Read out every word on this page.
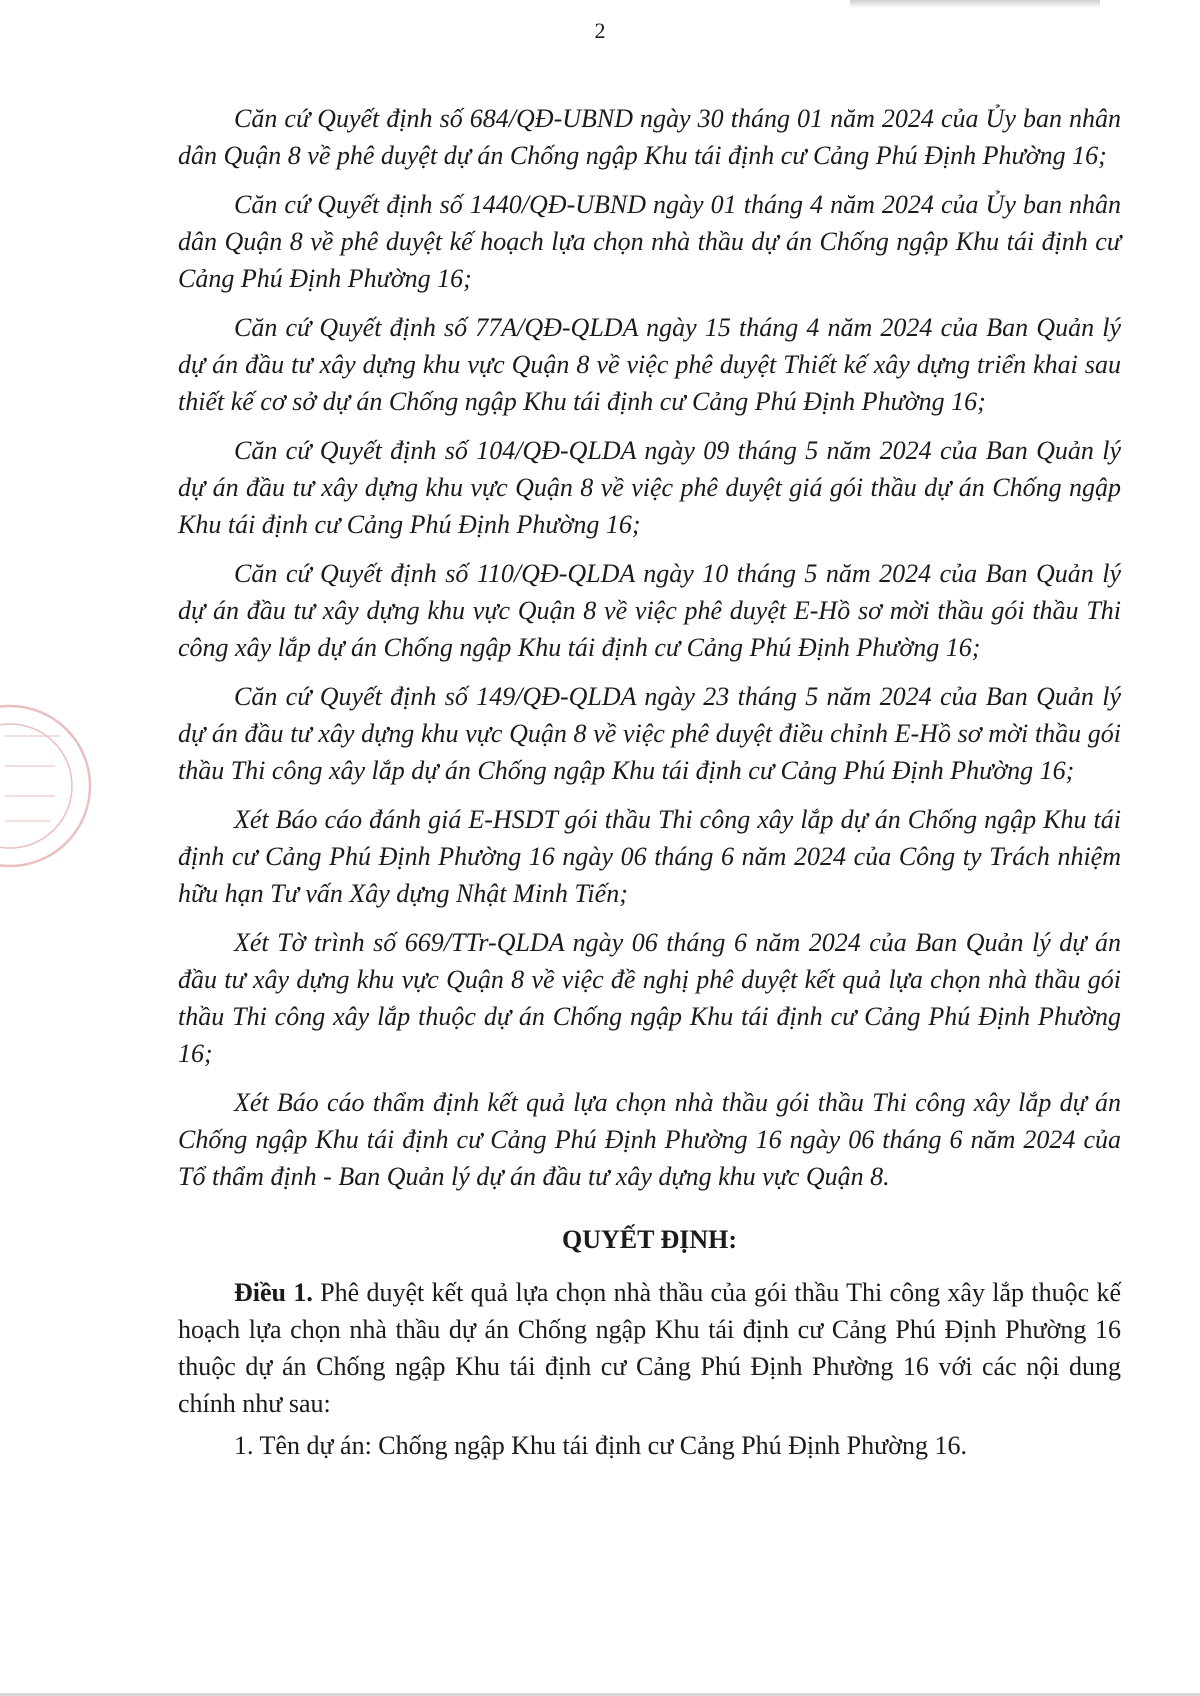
2

Căn cứ Quyết định số 684/QĐ-UBND ngày 30 tháng 01 năm 2024 của Ủy ban nhân dân Quận 8 về phê duyệt dự án Chống ngập Khu tái định cư Cảng Phú Định Phường 16;

Căn cứ Quyết định số 1440/QĐ-UBND ngày 01 tháng 4 năm 2024 của Ủy ban nhân dân Quận 8 về phê duyệt kế hoạch lựa chọn nhà thầu dự án Chống ngập Khu tái định cư Cảng Phú Định Phường 16;

Căn cứ Quyết định số 77A/QĐ-QLDA ngày 15 tháng 4 năm 2024 của Ban Quản lý dự án đầu tư xây dựng khu vực Quận 8 về việc phê duyệt Thiết kế xây dựng triển khai sau thiết kế cơ sở dự án Chống ngập Khu tái định cư Cảng Phú Định Phường 16;

Căn cứ Quyết định số 104/QĐ-QLDA ngày 09 tháng 5 năm 2024 của Ban Quản lý dự án đầu tư xây dựng khu vực Quận 8 về việc phê duyệt giá gói thầu dự án Chống ngập Khu tái định cư Cảng Phú Định Phường 16;

Căn cứ Quyết định số 110/QĐ-QLDA ngày 10 tháng 5 năm 2024 của Ban Quản lý dự án đầu tư xây dựng khu vực Quận 8 về việc phê duyệt E-Hồ sơ mời thầu gói thầu Thi công xây lắp dự án Chống ngập Khu tái định cư Cảng Phú Định Phường 16;

Căn cứ Quyết định số 149/QĐ-QLDA ngày 23 tháng 5 năm 2024 của Ban Quản lý dự án đầu tư xây dựng khu vực Quận 8 về việc phê duyệt điều chỉnh E-Hồ sơ mời thầu gói thầu Thi công xây lắp dự án Chống ngập Khu tái định cư Cảng Phú Định Phường 16;

Xét Báo cáo đánh giá E-HSDT gói thầu Thi công xây lắp dự án Chống ngập Khu tái định cư Cảng Phú Định Phường 16 ngày 06 tháng 6 năm 2024 của Công ty Trách nhiệm hữu hạn Tư vấn Xây dựng Nhật Minh Tiến;

Xét Tờ trình số 669/TTr-QLDA ngày 06 tháng 6 năm 2024 của Ban Quản lý dự án đầu tư xây dựng khu vực Quận 8 về việc đề nghị phê duyệt kết quả lựa chọn nhà thầu gói thầu Thi công xây lắp thuộc dự án Chống ngập Khu tái định cư Cảng Phú Định Phường 16;

Xét Báo cáo thẩm định kết quả lựa chọn nhà thầu gói thầu Thi công xây lắp dự án Chống ngập Khu tái định cư Cảng Phú Định Phường 16 ngày 06 tháng 6 năm 2024 của Tổ thẩm định - Ban Quản lý dự án đầu tư xây dựng khu vực Quận 8.

QUYẾT ĐỊNH:

Điều 1. Phê duyệt kết quả lựa chọn nhà thầu của gói thầu Thi công xây lắp thuộc kế hoạch lựa chọn nhà thầu dự án Chống ngập Khu tái định cư Cảng Phú Định Phường 16 thuộc dự án Chống ngập Khu tái định cư Cảng Phú Định Phường 16 với các nội dung chính như sau:

1. Tên dự án: Chống ngập Khu tái định cư Cảng Phú Định Phường 16.
